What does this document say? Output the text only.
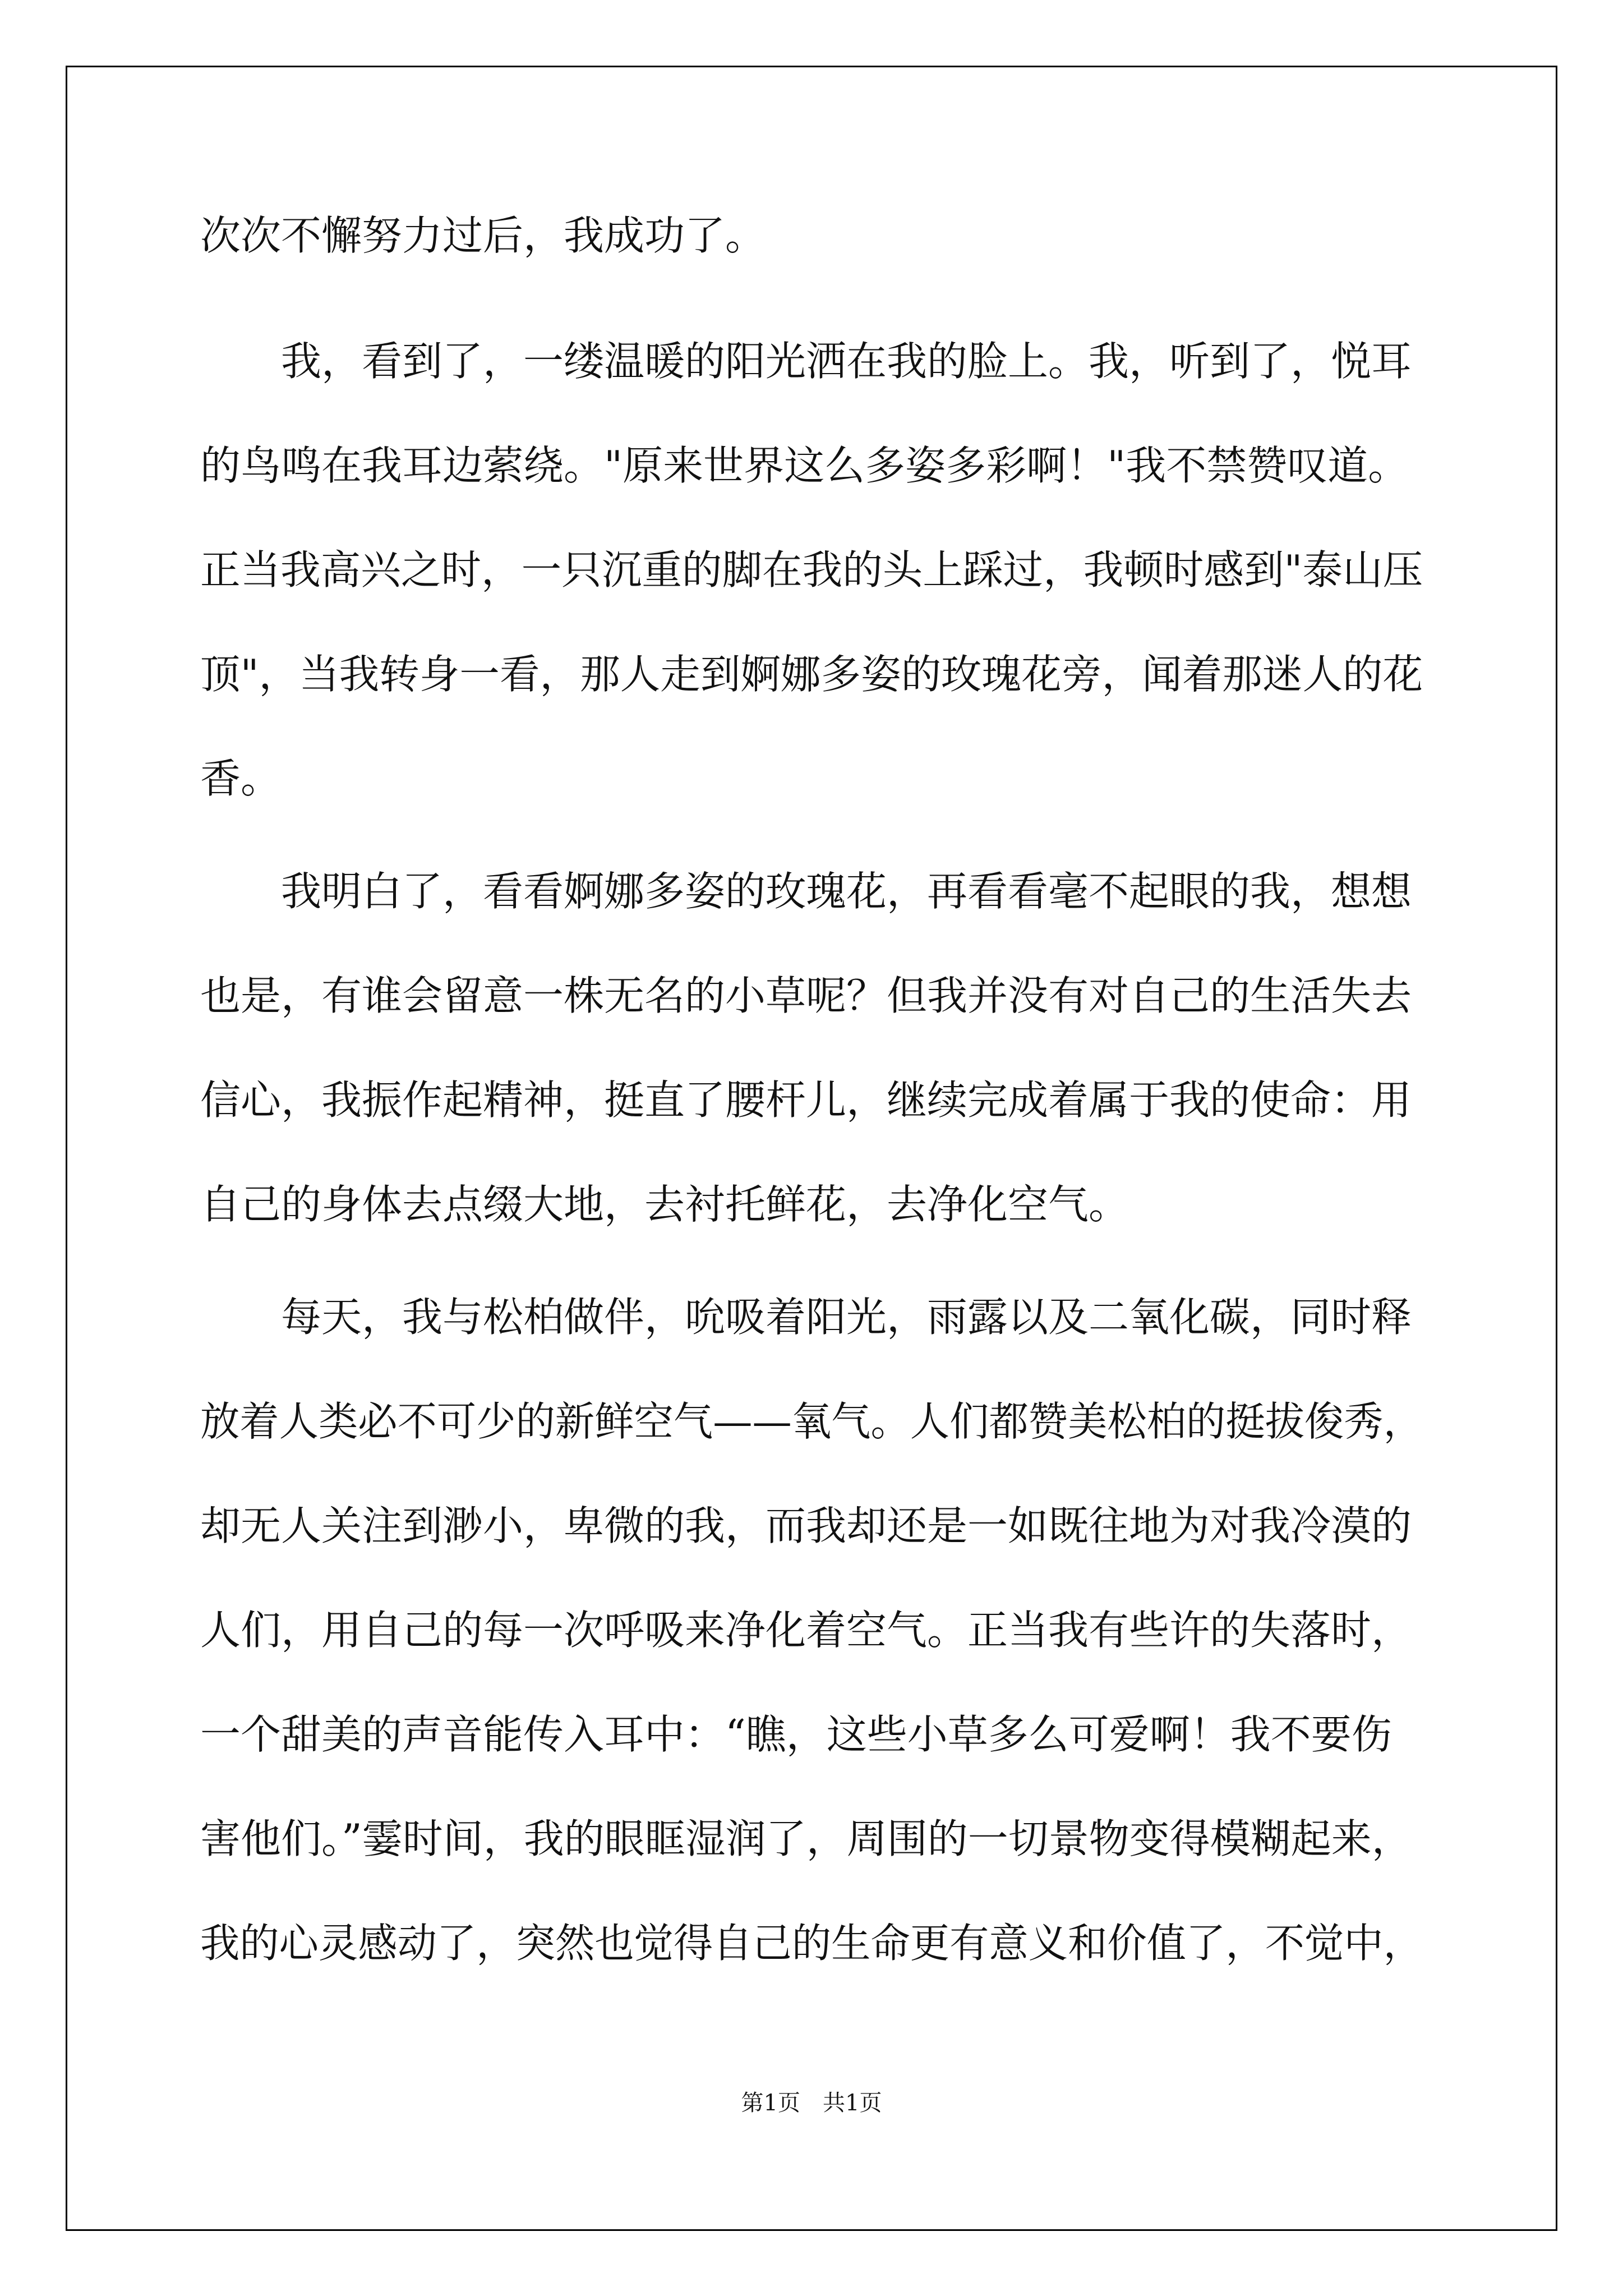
次次不懈努力过后，我成功了。

　　我，看到了，一缕温暖的阳光洒在我的脸上。我，听到了，悦耳

的鸟鸣在我耳边萦绕。"原来世界这么多姿多彩啊！"我不禁赞叹道。

正当我高兴之时，一只沉重的脚在我的头上踩过，我顿时感到"泰山压

顶"，当我转身一看，那人走到婀娜多姿的玫瑰花旁，闻着那迷人的花

香。

　　我明白了，看看婀娜多姿的玫瑰花，再看看毫不起眼的我，想想

也是，有谁会留意一株无名的小草呢？但我并没有对自己的生活失去

信心，我振作起精神，挺直了腰杆儿，继续完成着属于我的使命：用

自己的身体去点缀大地，去衬托鲜花，去净化空气。

　　每天，我与松柏做伴，吮吸着阳光，雨露以及二氧化碳，同时释

放着人类必不可少的新鲜空气——氧气。人们都赞美松柏的挺拔俊秀，

却无人关注到渺小，卑微的我，而我却还是一如既往地为对我冷漠的

人们，用自己的每一次呼吸来净化着空气。正当我有些许的失落时，

一个甜美的声音能传入耳中：“瞧，这些小草多么可爱啊！我不要伤

害他们。”霎时间，我的眼眶湿润了，周围的一切景物变得模糊起来，

我的心灵感动了，突然也觉得自己的生命更有意义和价值了，不觉中，

第1页　共1页
